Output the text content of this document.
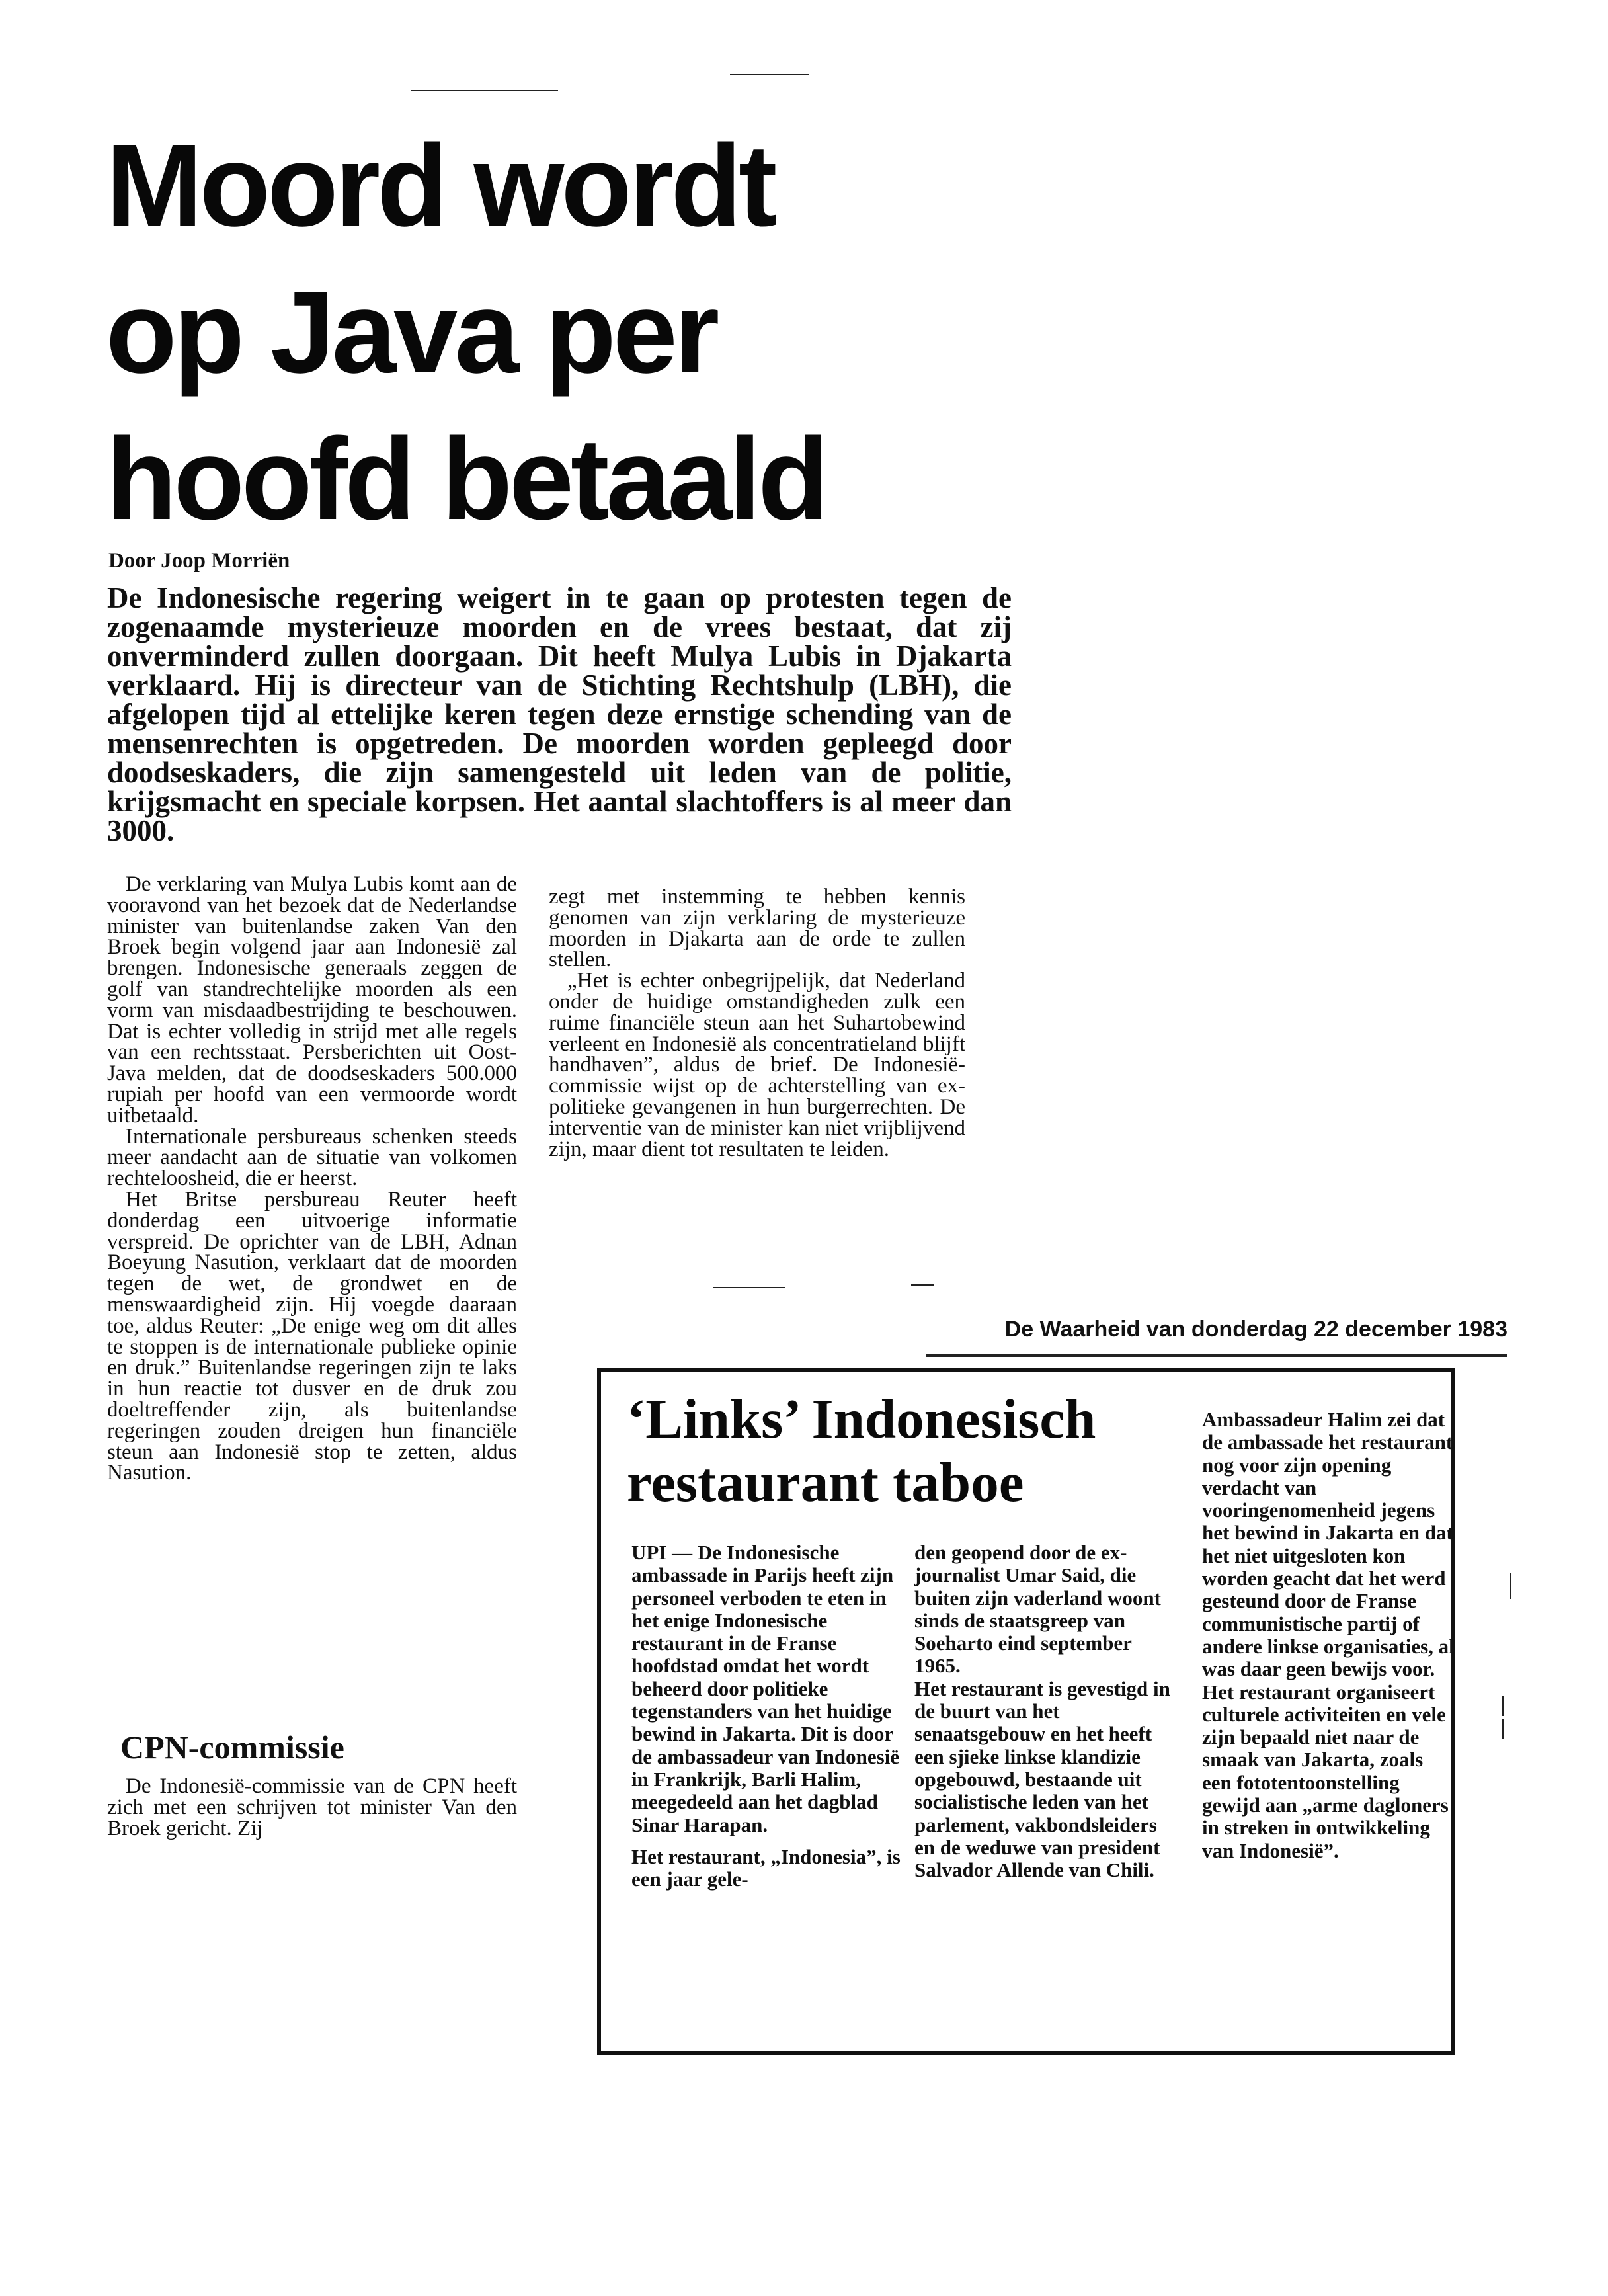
Moord wordt
op Java per
hoofd betaald
Door Joop Morriën
De Indonesische regering weigert in te gaan op protesten tegen de zogenaamde mysterieuze moorden en de vrees bestaat, dat zij onverminderd zullen doorgaan. Dit heeft Mulya Lubis in Djakarta verklaard. Hij is directeur van de Stichting Rechtshulp (LBH), die afgelopen tijd al ettelijke keren tegen deze ernstige schending van de mensenrechten is opgetreden. De moorden worden gepleegd door doodseskaders, die zijn samengesteld uit leden van de politie, krijgsmacht en speciale korpsen. Het aantal slachtoffers is al meer dan 3000.

De verklaring van Mulya Lubis komt aan de vooravond van het bezoek dat de Nederlandse minister van buitenlandse zaken Van den Broek begin volgend jaar aan Indonesië zal brengen. Indonesische generaals zeggen de golf van standrechtelijke moorden als een vorm van misdaadbestrijding te beschouwen. Dat is echter volledig in strijd met alle regels van een rechtsstaat. Persberichten uit Oost-Java melden, dat de doodseskaders 500.000 rupiah per hoofd van een vermoorde wordt uitbetaald.

Internationale persbureaus schenken steeds meer aandacht aan de situatie van volkomen rechteloosheid, die er heerst.

Het Britse persbureau Reuter heeft donderdag een uitvoerige informatie verspreid. De oprichter van de LBH, Adnan Boeyung Nasution, verklaart dat de moorden tegen de wet, de grondwet en de menswaardigheid zijn. Hij voegde daaraan toe, aldus Reuter: „De enige weg om dit alles te stoppen is de internationale publieke opinie en druk.” Buitenlandse regeringen zijn te laks in hun reactie tot dusver en de druk zou doeltreffender zijn, als buitenlandse regeringen zouden dreigen hun financiële steun aan Indonesië stop te zetten, aldus Nasution.

CPN-commissie

De Indonesië-commissie van de CPN heeft zich met een schrijven tot minister Van den Broek gericht. Zij

zegt met instemming te hebben kennis genomen van zijn verklaring de mysterieuze moorden in Djakarta aan de orde te zullen stellen.

„Het is echter onbegrijpelijk, dat Nederland onder de huidige omstandigheden zulk een ruime financiële steun aan het Suhartobewind verleent en Indonesië als concentratieland blijft handhaven”, aldus de brief. De Indonesië-commissie wijst op de achterstelling van ex-politieke gevangenen in hun burgerrechten. De interventie van de minister kan niet vrijblijvend zijn, maar dient tot resultaten te leiden.

De Waarheid van donderdag 22 december 1983
‘Links’ Indonesisch
restaurant taboe

UPI — De Indonesische ambassade in Parijs heeft zijn personeel verboden te eten in het enige Indonesische restaurant in de Franse hoofdstad omdat het wordt beheerd door politieke tegenstanders van het huidige bewind in Jakarta. Dit is door de ambassadeur van Indonesië in Frankrijk, Barli Halim, meegedeeld aan het dagblad Sinar Harapan.

Het restaurant, „Indonesia”, is een jaar gele-

den geopend door de ex-journalist Umar Said, die buiten zijn vaderland woont sinds de staatsgreep van Soeharto eind september 1965.

Het restaurant is gevestigd in de buurt van het senaatsgebouw en het heeft een sjieke linkse klandizie opgebouwd, bestaande uit socialistische leden van het parlement, vakbondsleiders en de weduwe van president Salvador Allende van Chili.

Ambassadeur Halim zei dat de ambassade het restaurant nog voor zijn opening verdacht van vooringenomenheid jegens het bewind in Jakarta en dat het niet uitgesloten kon worden geacht dat het werd gesteund door de Franse communistische partij of andere linkse organisaties, al was daar geen bewijs voor.

Het restaurant organiseert culturele activiteiten en vele zijn bepaald niet naar de smaak van Jakarta, zoals een fototentoonstelling gewijd aan „arme dagloners in streken in ontwikkeling van Indonesië”.
